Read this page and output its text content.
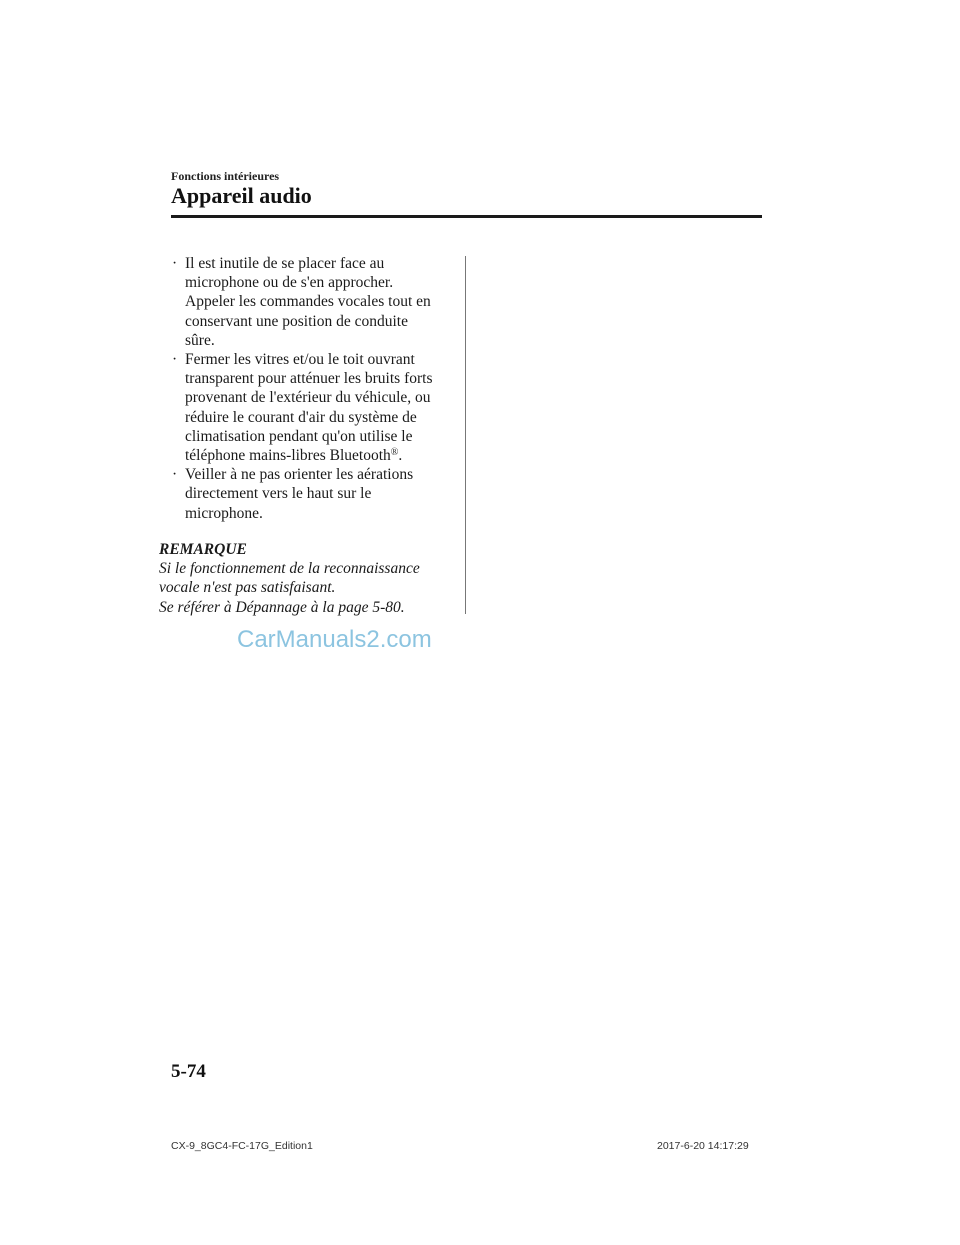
Fonctions intérieures
Appareil audio
· Il est inutile de se placer face au
microphone ou de s'en approcher.
Appeler les commandes vocales tout en
conservant une position de conduite
sûre.
· Fermer les vitres et/ou le toit ouvrant
transparent pour atténuer les bruits forts
provenant de l'extérieur du véhicule, ou
réduire le courant d'air du système de
climatisation pendant qu'on utilise le
téléphone mains-libres Bluetooth®.
· Veiller à ne pas orienter les aérations
directement vers le haut sur le
microphone.
REMARQUE
Si le fonctionnement de la reconnaissance
vocale n'est pas satisfaisant.
Se référer à Dépannage à la page 5-80.
CarManuals2.com
5-74
CX-9_8GC4-FC-17G_Edition1	2017-6-20 14:17:29
